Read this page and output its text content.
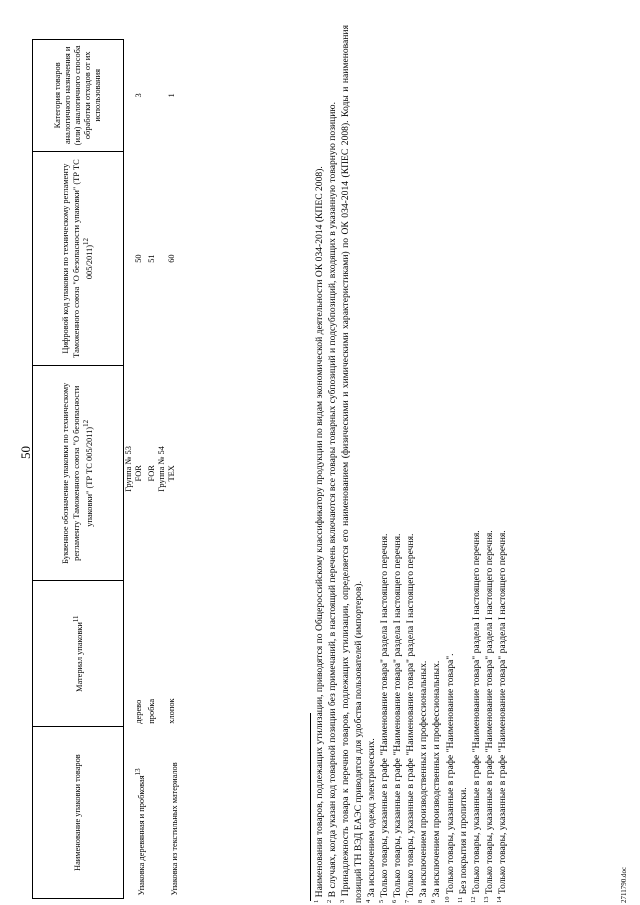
50
Наименование упаковки товаров	Материал упаковки$^{11}$	Буквенное обозначение упаковки по техническому регламенту Таможенного союза "О безопасности упаковки" (ТР ТС 005/2011)$^{12}$	Цифровой код упаковки по техническому регламенту Таможенного союза "О безопасности упаковки" (ТР ТС 005/2011)$^{12}$	Категория товаров аналогичного назначения и (или) аналогичного способа обработки отходов от их использования
Группа № 53				
Упаковка деревянная и пробковая$^{13}$	дерево	FOR	50	3
	пробка	FOR	51	
Группа № 54				
Упаковка из текстильных материалов	хлопок	TEX	60	1

$^1$ Наименования товаров, подлежащих утилизации, приводятся по Общероссийскому классификатору продукции по видам экономической деятельности ОК 034-2014 (КПЕС 2008).

$^2$ В случаях, когда указан код товарной позиции без примечаний, в настоящий перечень включаются все товары товарных субпозиций и подсубпозиций, входящих в указанную товарную позицию.

$^3$ Принадлежность товара к перечню товаров, подлежащих утилизации, определяется его наименованием (физическими и химическими характеристиками) по ОК 034-2014 (КПЕС 2008). Коды и наименования позиций ТН ВЭД ЕАЭС приводятся для удобства пользователей (импортеров). $^4$ За исключением одежд электрических.

$^5$ Только товары, указанные в графе "Наименование товара" раздела I настоящего перечня.

$^6$ Только товары, указанные в графе "Наименование товара" раздела I настоящего перечня.

$^7$ Только товары, указанные в графе "Наименование товара" раздела I настоящего перечня.

$^8$ За исключением производственных и профессиональных.

$^9$ За исключением производственных и профессиональных.

$^{10}$ Только товары, указанные в графе "Наименование товара".

$^{11}$ Без покрытия и пропитки.

$^{12}$ Только товары, указанные в графе "Наименование товара" раздела I настоящего перечня.

$^{13}$ Только товары, указанные в графе "Наименование товара" раздела I настоящего перечня.

$^{14}$ Только товары, указанные в графе "Наименование товара" раздела I настоящего перечня.	2711790.doc
